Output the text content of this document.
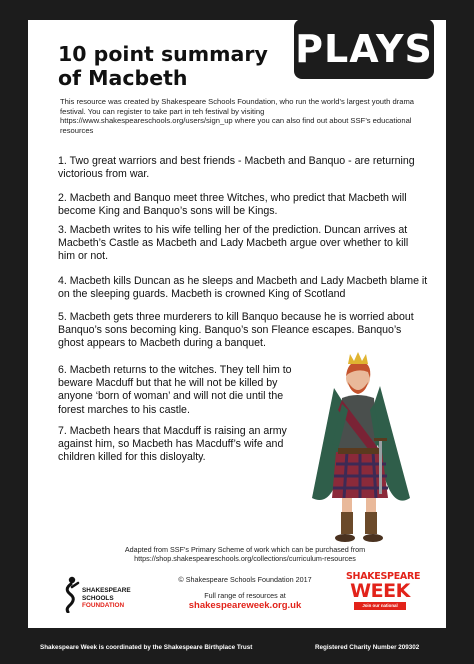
PLAYS
10 point summary of Macbeth
This resource was created by Shakespeare Schools Foundation, who run the world’s largest youth drama festival. You can register to take part in teh festival by visiting https://www.shakespeareschools.org/users/sign_up where you can also find out about SSF’s educational resources
1. Two great warriors and best friends - Macbeth and Banquo - are returning victorious from war.
2. Macbeth and Banquo meet three Witches, who predict that Macbeth will become King and Banquo’s sons will be Kings.
3. Macbeth writes to his wife telling her of the prediction. Duncan arrives at Macbeth’s Castle as Macbeth and Lady Macbeth argue over whether to kill him or not.
4. Macbeth kills Duncan as he sleeps and Macbeth and Lady Macbeth blame it on the sleeping guards. Macbeth is crowned King of Scotland
5. Macbeth gets three murderers to kill Banquo because he is worried about Banquo’s sons becoming king. Banquo’s son Fleance escapes. Banquo’s ghost appears to Macbeth during a banquet.
6. Macbeth returns to the witches. They tell him to beware Macduff but that he will not be killed by anyone ‘born of woman’ and will not die until the forest marches to his castle.
7. Macbeth hears that Macduff is raising an army against him, so Macbeth has Macduff’s wife and children killed for this disloyalty.
Adapted from SSF’s Primary Scheme of work which can be purchased from https://shop.shakespeareschools.org/collections/curriculum-resources
© Shakespeare Schools Foundation 2017
Full range of resources at
shakespeareweek.org.uk
SHAKESPEARE
SCHOOLS
FOUNDATION
SHAKESPEARE
WEEK
Join our national celebration
Shakespeare Week is coordinated by the Shakespeare Birthplace Trust	Registered Charity Number 209302
